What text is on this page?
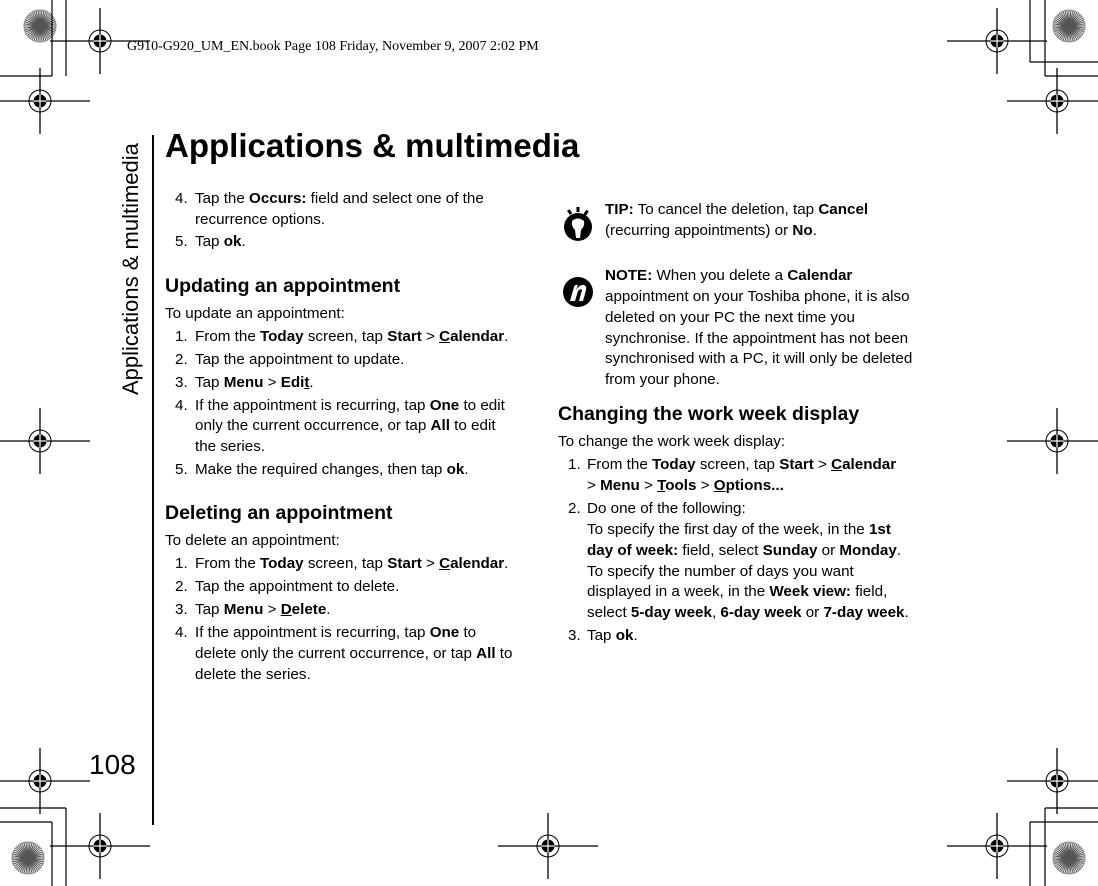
G910-G920_UM_EN.book Page 108 Friday, November 9, 2007 2:02 PM
Applications & multimedia Applications & multimedia
108
4. Tap the Occurs: field and select one of the
recurrence options.
5. Tap ok.
Updating an appointment
To update an appointment:
1. From the Today screen, tap Start > Calendar.
2. Tap the appointment to update.
3. Tap Menu > Edit.
4. If the appointment is recurring, tap One to edit
only the current occurrence, or tap All to edit
the series.
5. Make the required changes, then tap ok.
Deleting an appointment
To delete an appointment:
1. From the Today screen, tap Start > Calendar.
2. Tap the appointment to delete.
3. Tap Menu > Delete.
4. If the appointment is recurring, tap One to
delete only the current occurrence, or tap All to
delete the series.
TIP: To cancel the deletion, tap Cancel
(recurring appointments) or No.
NOTE: When you delete a Calendar
appointment on your Toshiba phone, it is also
deleted on your PC the next time you
synchronise. If the appointment has not been
synchronised with a PC, it will only be deleted
from your phone.
Changing the work week display
To change the work week display:
1. From the Today screen, tap Start > Calendar
> Menu > Tools > Options...
2. Do one of the following:
To specify the first day of the week, in the 1st
day of week: field, select Sunday or Monday.
To specify the number of days you want
displayed in a week, in the Week view: field,
select 5-day week, 6-day week or 7-day week.
3. Tap ok.
